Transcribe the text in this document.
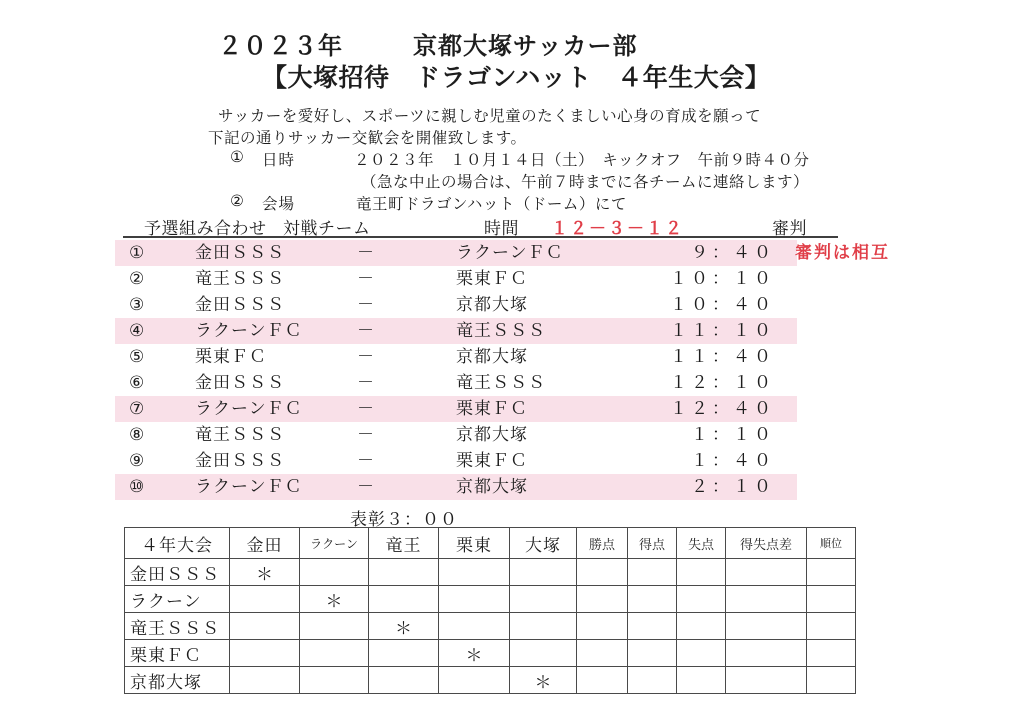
２０２３年	京都大塚サッカー部
【大塚招待　ドラゴンハット　４年生大会】
サッカーを愛好し、スポーツに親しむ児童のたくましい心身の育成を願って
下記の通りサッカー交歓会を開催致します。
① 日時	２０２３年　１０月１４日（土）　キックオフ　午前９時４０分
（急な中止の場合は、午前７時までに各チームに連絡します）
② 会場	竜王町ドラゴンハット（ドーム）にて
予選組み合わせ 対戦チーム	時間 １２－３－１２	審判
①	金田ＳＳＳ	－	ラクーンＦＣ	９：４０
②	竜王ＳＳＳ	－	栗東ＦＣ	１０：１０
③	金田ＳＳＳ	－	京都大塚	１０：４０
④	ラクーンＦＣ	－	竜王ＳＳＳ	１１：１０
⑤	栗東ＦＣ	－	京都大塚	１１：４０
⑥	金田ＳＳＳ	－	竜王ＳＳＳ	１２：１０
⑦	ラクーンＦＣ	－	栗東ＦＣ	１２：４０
⑧	竜王ＳＳＳ	－	京都大塚	１：１０
⑨	金田ＳＳＳ	－	栗東ＦＣ	１：４０
⑩	ラクーンＦＣ	－	京都大塚	２：１０
審判は相互
表彰３：００
４年大会	金田	ラクーン	竜王	栗東	大塚	勝点	得点	失点	得失点差	順位
金田ＳＳＳ	＊									
ラクーン		＊								
竜王ＳＳＳ			＊							
栗東ＦＣ				＊						
京都大塚					＊					
